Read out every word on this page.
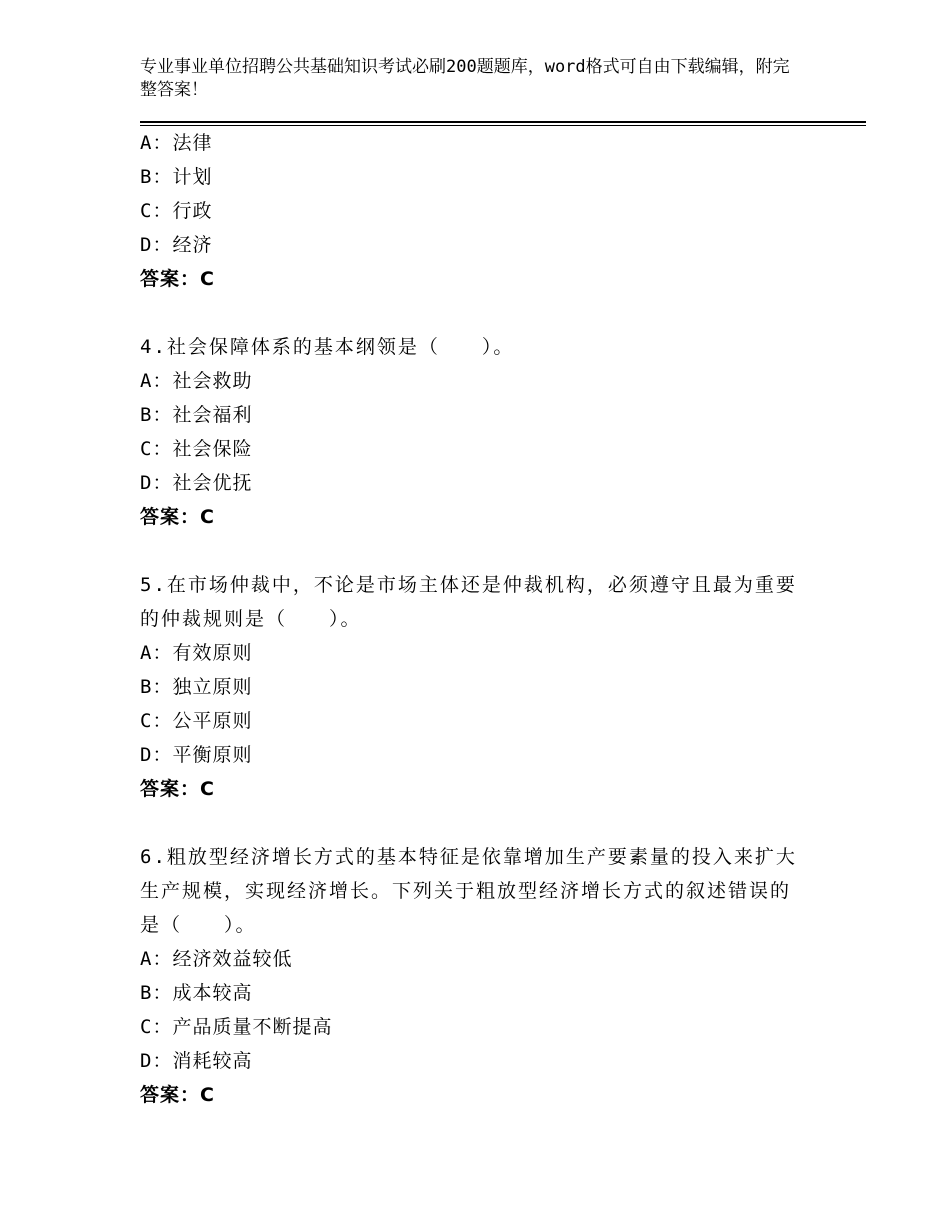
专业事业单位招聘公共基础知识考试必刷200题题库，word格式可自由下载编辑，附完整答案！
A：法律
B：计划
C：行政
D：经济
答案：C
4.社会保障体系的基本纲领是（　　）。
A：社会救助
B：社会福利
C：社会保险
D：社会优抚
答案：C
5.在市场仲裁中，不论是市场主体还是仲裁机构，必须遵守且最为重要的仲裁规则是（　　）。
A：有效原则
B：独立原则
C：公平原则
D：平衡原则
答案：C
6.粗放型经济增长方式的基本特征是依靠增加生产要素量的投入来扩大生产规模，实现经济增长。下列关于粗放型经济增长方式的叙述错误的是（　　）。
A：经济效益较低
B：成本较高
C：产品质量不断提高
D：消耗较高
答案：C
